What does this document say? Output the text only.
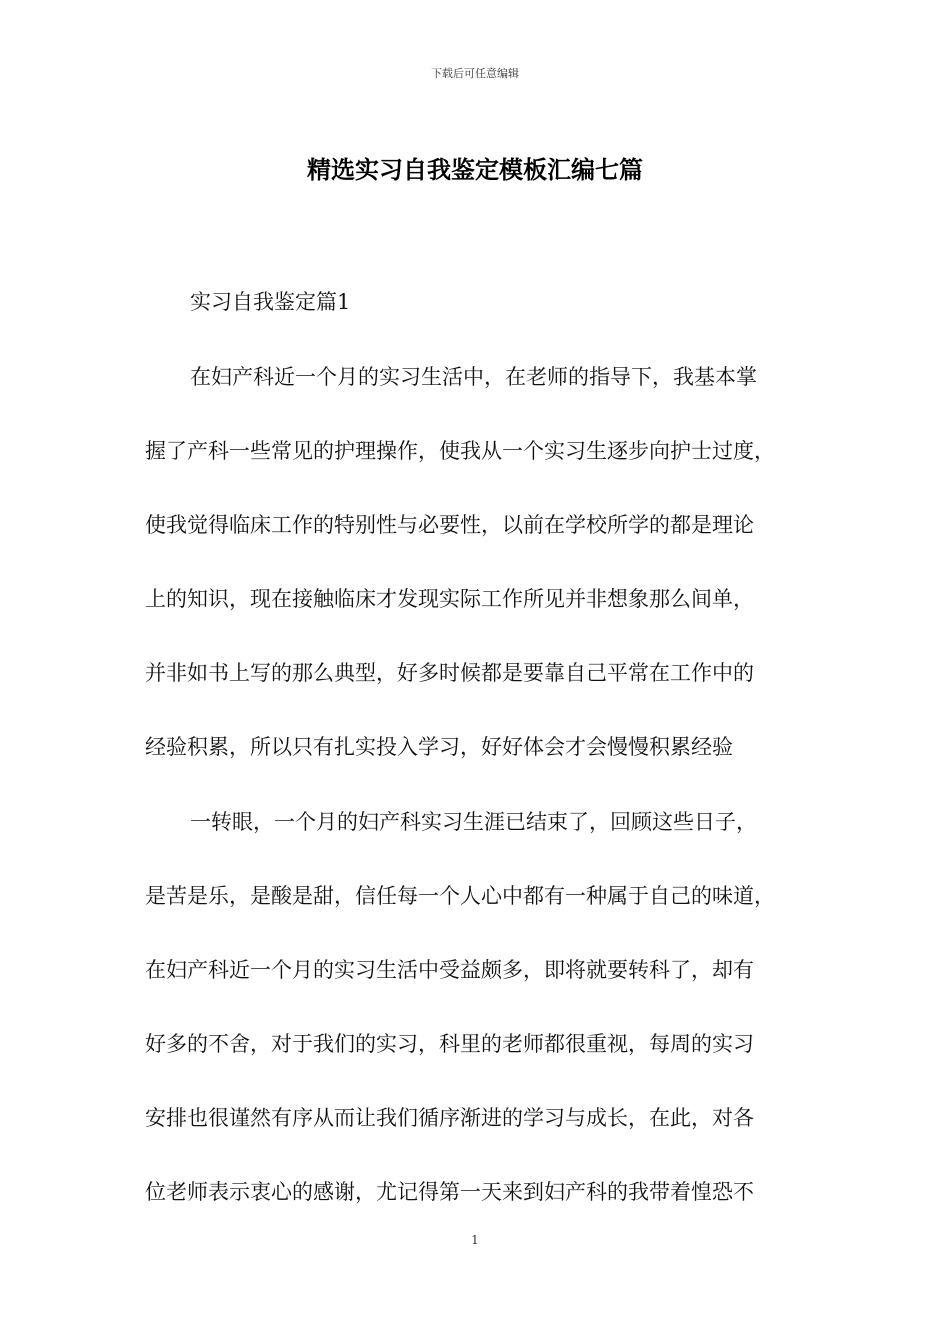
下载后可任意编辑
精选实习自我鉴定模板汇编七篇
实习自我鉴定篇1
在妇产科近一个月的实习生活中，在老师的指导下，我基本掌
握了产科一些常见的护理操作，使我从一个实习生逐步向护士过度，
使我觉得临床工作的特别性与必要性，以前在学校所学的都是理论
上的知识，现在接触临床才发现实际工作所见并非想象那么间单，
并非如书上写的那么典型，好多时候都是要靠自己平常在工作中的
经验积累，所以只有扎实投入学习，好好体会才会慢慢积累经验
一转眼，一个月的妇产科实习生涯已结束了，回顾这些日子，
是苦是乐，是酸是甜，信任每一个人心中都有一种属于自己的味道，
在妇产科近一个月的实习生活中受益颇多，即将就要转科了，却有
好多的不舍，对于我们的实习，科里的老师都很重视，每周的实习
安排也很谨然有序从而让我们循序渐进的学习与成长，在此，对各
位老师表示衷心的感谢，尤记得第一天来到妇产科的我带着惶恐不
1
